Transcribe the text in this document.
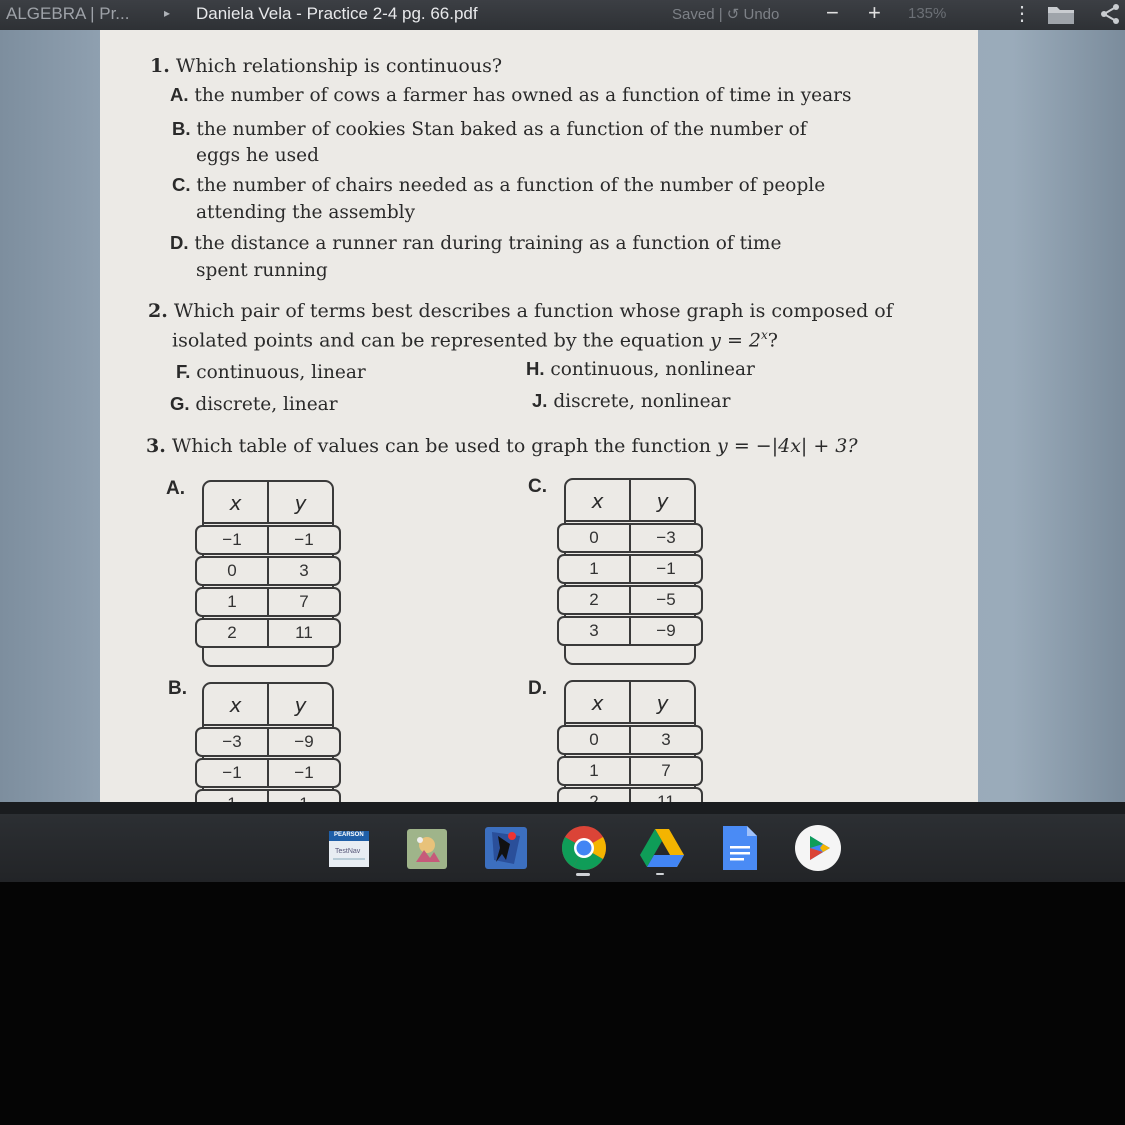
ALGEBRA | Pr...	▸ Daniela Vela - Practice 2-4 pg. 66.pdf	Saved | ↺ Undo − + 135%	⋮
1. Which relationship is continuous?
A. the number of cows a farmer has owned as a function of time in years
B. the number of cookies Stan baked as a function of the number of
eggs he used
C. the number of chairs needed as a function of the number of people
attending the assembly
D. the distance a runner ran during training as a function of time
spent running
2. Which pair of terms best describes a function whose graph is composed of
isolated points and can be represented by the equation $y = 2^x$?
F. continuous, linear	H. continuous, nonlinear
G. discrete, linear	J. discrete, nonlinear
3. Which table of values can be used to graph the function y = −|4x| + 3?
A.
x	y
−1	−1
0	3
1	7
2	11
C.
x	y
0	−3
1	−1
2	−5
3	−9
B.
x	y
−3	−9
−1	−1
D.
x	y
0	3
1	7
PEARSON
TestNav
